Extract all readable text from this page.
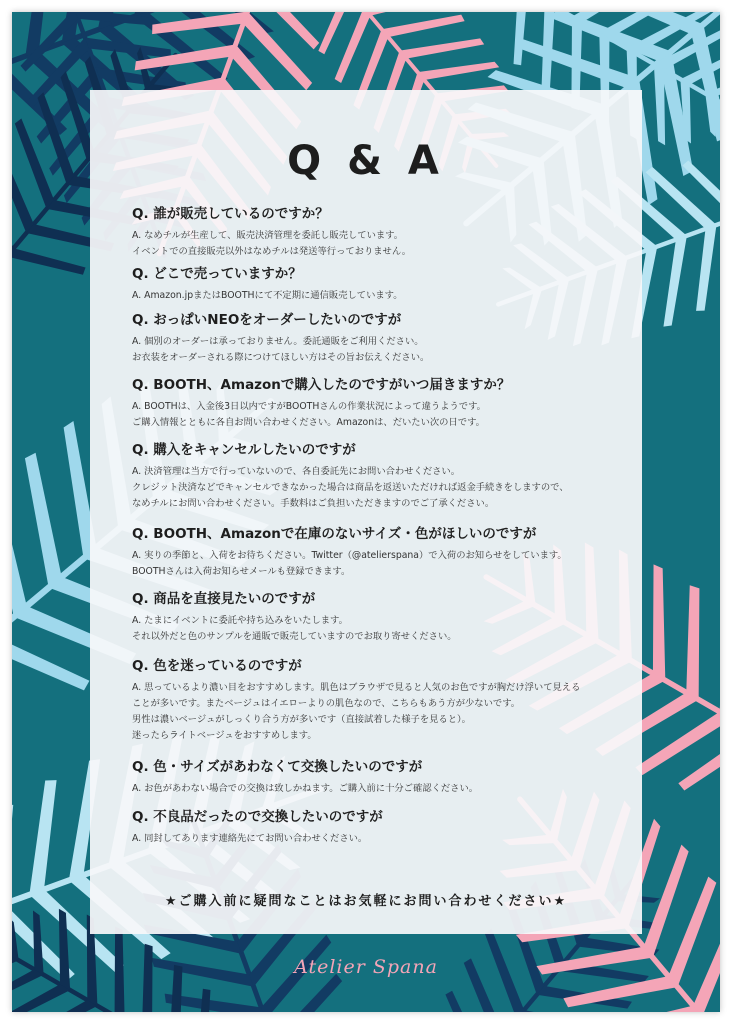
Q & A
Q. 誰が販売しているのですか？
A. なめチルが生産して、販売決済管理を委託し販売しています。
イベントでの直接販売以外はなめチルは発送等行っておりません。
Q. どこで売っていますか？
A. Amazon.jpまたはBOOTHにて不定期に通信販売しています。
Q. おっぱいNEOをオーダーしたいのですが
A. 個別のオーダーは承っておりません。委託通販をご利用ください。
お衣装をオーダーされる際につけてほしい方はその旨お伝えください。
Q. BOOTH、Amazonで購入したのですがいつ届きますか？
A. BOOTHは、入金後3日以内ですがBOOTHさんの作業状況によって違うようです。
ご購入情報とともに各自お問い合わせください。Amazonは、だいたい次の日です。
Q. 購入をキャンセルしたいのですが
A. 決済管理は当方で行っていないので、各自委託先にお問い合わせください。
クレジット決済などでキャンセルできなかった場合は商品を返送いただければ返金手続きをしますので、
なめチルにお問い合わせください。手数料はご負担いただきますのでご了承ください。
Q. BOOTH、Amazonで在庫のないサイズ・色がほしいのですが
A. 実りの季節と、入荷をお待ちください。Twitter（@atelierspana）で入荷のお知らせをしています。
BOOTHさんは入荷お知らせメールも登録できます。
Q. 商品を直接見たいのですが
A. たまにイベントに委託や持ち込みをいたします。
それ以外だと色のサンプルを通販で販売していますのでお取り寄せください。
Q. 色を迷っているのですが
A. 思っているより濃い目をおすすめします。肌色はブラウザで見ると人気のお色ですが胸だけ浮いて見える
ことが多いです。またベージュはイエローよりの肌色なので、こちらもあう方が少ないです。
男性は濃いベージュがしっくり合う方が多いです（直接試着した様子を見ると）。
迷ったらライトベージュをおすすめします。
Q. 色・サイズがあわなくて交換したいのですが
A. お色があわない場合での交換は致しかねます。ご購入前に十分ご確認ください。
Q. 不良品だったので交換したいのですが
A. 同封してあります連絡先にてお問い合わせください。
★ご購入前に疑問なことはお気軽にお問い合わせください★
Atelier Spana
